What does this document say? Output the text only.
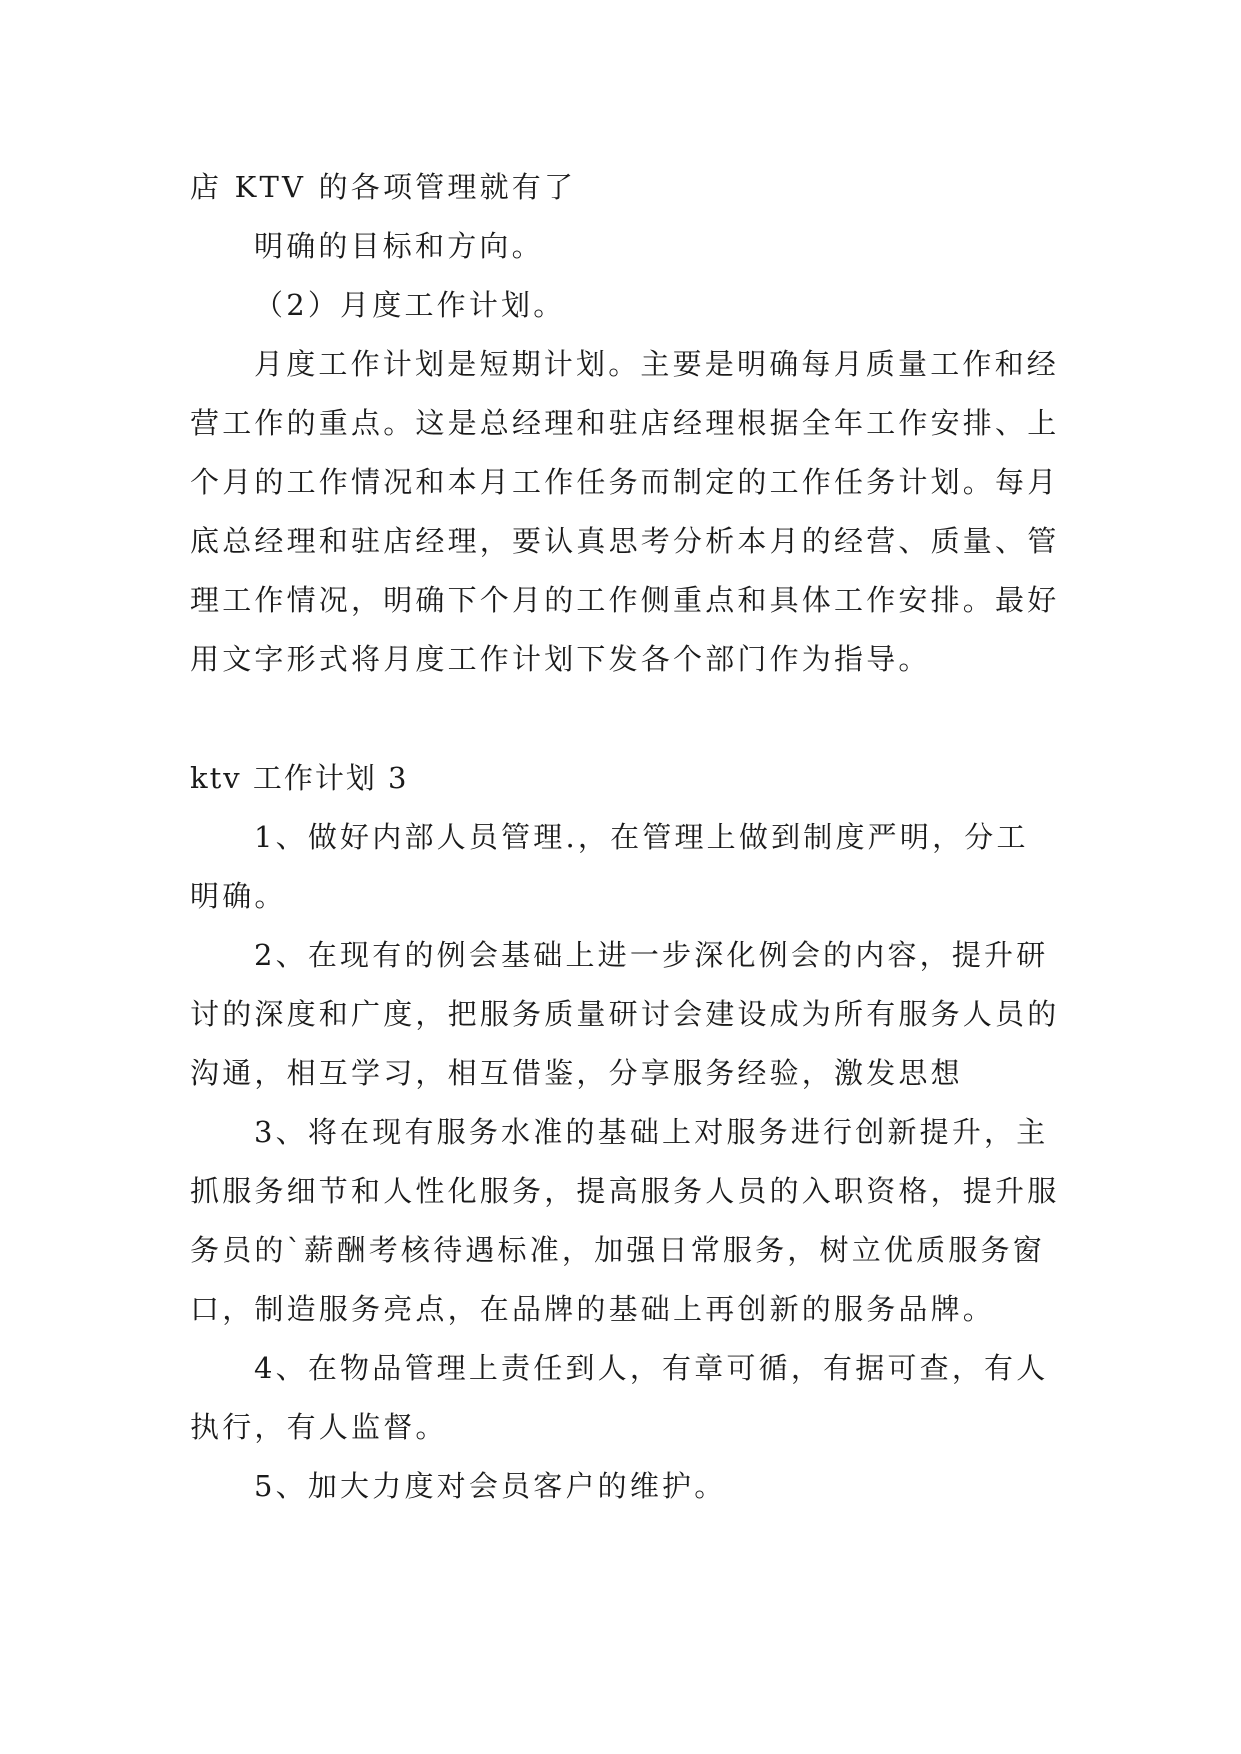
店 KTV 的各项管理就有了

明确的目标和方向。

（2）月度工作计划。

月度工作计划是短期计划。主要是明确每月质量工作和经营工作的重点。这是总经理和驻店经理根据全年工作安排、上个月的工作情况和本月工作任务而制定的工作任务计划。每月底总经理和驻店经理，要认真思考分析本月的经营、质量、管理工作情况，明确下个月的工作侧重点和具体工作安排。最好用文字形式将月度工作计划下发各个部门作为指导。

ktv 工作计划 3

1、做好内部人员管理.，在管理上做到制度严明，分工明确。

2、在现有的例会基础上进一步深化例会的内容，提升研讨的深度和广度，把服务质量研讨会建设成为所有服务人员的沟通，相互学习，相互借鉴，分享服务经验，激发思想

3、将在现有服务水准的基础上对服务进行创新提升，主抓服务细节和人性化服务，提高服务人员的入职资格，提升服务员的`薪酬考核待遇标准，加强日常服务，树立优质服务窗口，制造服务亮点，在品牌的基础上再创新的服务品牌。

4、在物品管理上责任到人，有章可循，有据可查，有人执行，有人监督。

5、加大力度对会员客户的维护。
